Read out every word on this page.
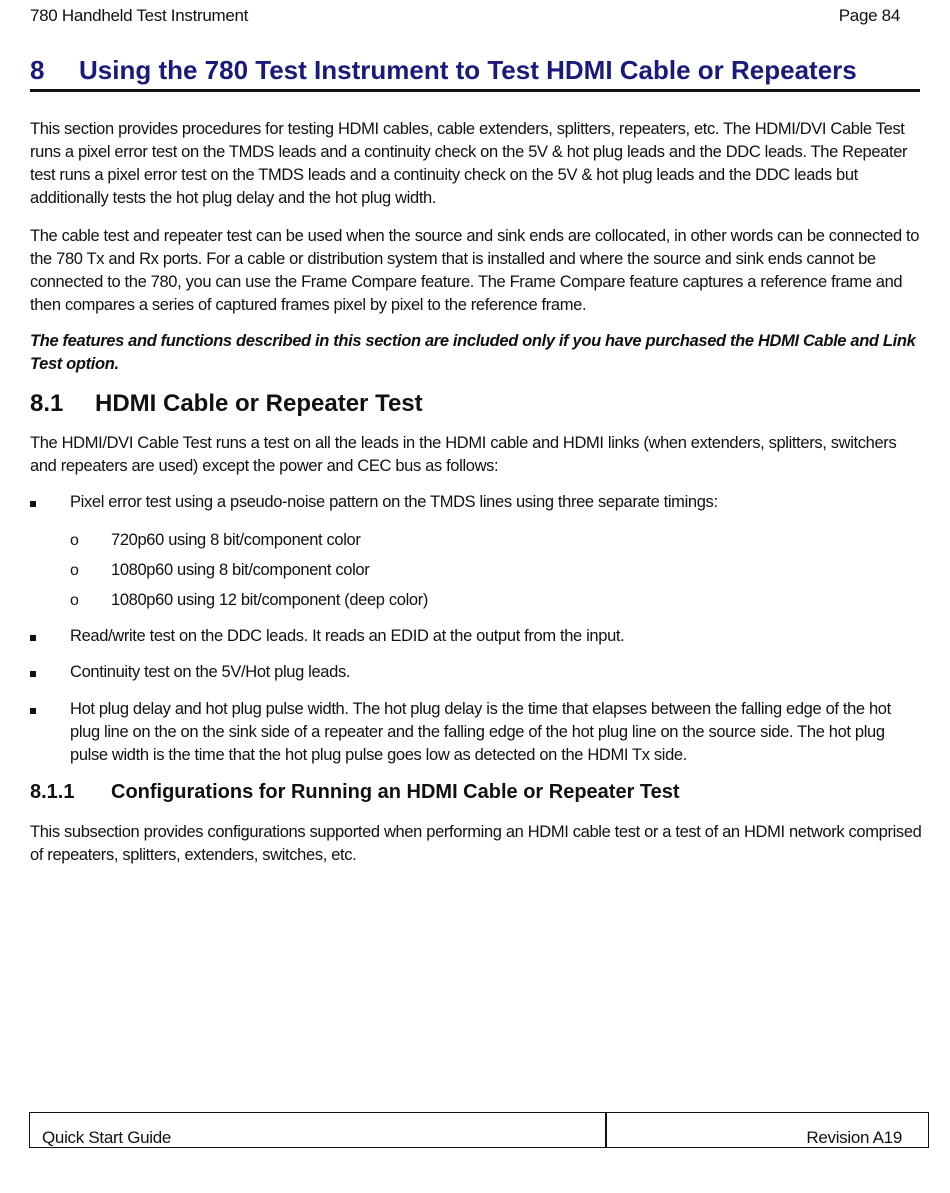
780 Handheld Test Instrument	Page 84
8 Using the 780 Test Instrument to Test HDMI Cable or Repeaters
This section provides procedures for testing HDMI cables, cable extenders, splitters, repeaters, etc. The HDMI/DVI Cable Test runs a pixel error test on the TMDS leads and a continuity check on the 5V & hot plug leads and the DDC leads. The Repeater test runs a pixel error test on the TMDS leads and a continuity check on the 5V & hot plug leads and the DDC leads but additionally tests the hot plug delay and the hot plug width.
The cable test and repeater test can be used when the source and sink ends are collocated, in other words can be connected to the 780 Tx and Rx ports. For a cable or distribution system that is installed and where the source and sink ends cannot be connected to the 780, you can use the Frame Compare feature. The Frame Compare feature captures a reference frame and then compares a series of captured frames pixel by pixel to the reference frame.
The features and functions described in this section are included only if you have purchased the HDMI Cable and Link Test option.
8.1 HDMI Cable or Repeater Test
The HDMI/DVI Cable Test runs a test on all the leads in the HDMI cable and HDMI links (when extenders, splitters, switchers and repeaters are used) except the power and CEC bus as follows:
Pixel error test using a pseudo-noise pattern on the TMDS lines using three separate timings:
o 720p60 using 8 bit/component color
o 1080p60 using 8 bit/component color
o 1080p60 using 12 bit/component (deep color)
Read/write test on the DDC leads. It reads an EDID at the output from the input.
Continuity test on the 5V/Hot plug leads.
Hot plug delay and hot plug pulse width. The hot plug delay is the time that elapses between the falling edge of the hot plug line on the on the sink side of a repeater and the falling edge of the hot plug line on the source side. The hot plug pulse width is the time that the hot plug pulse goes low as detected on the HDMI Tx side.
8.1.1 Configurations for Running an HDMI Cable or Repeater Test
This subsection provides configurations supported when performing an HDMI cable test or a test of an HDMI network comprised of repeaters, splitters, extenders, switches, etc.
Quick Start Guide	Revision A19
